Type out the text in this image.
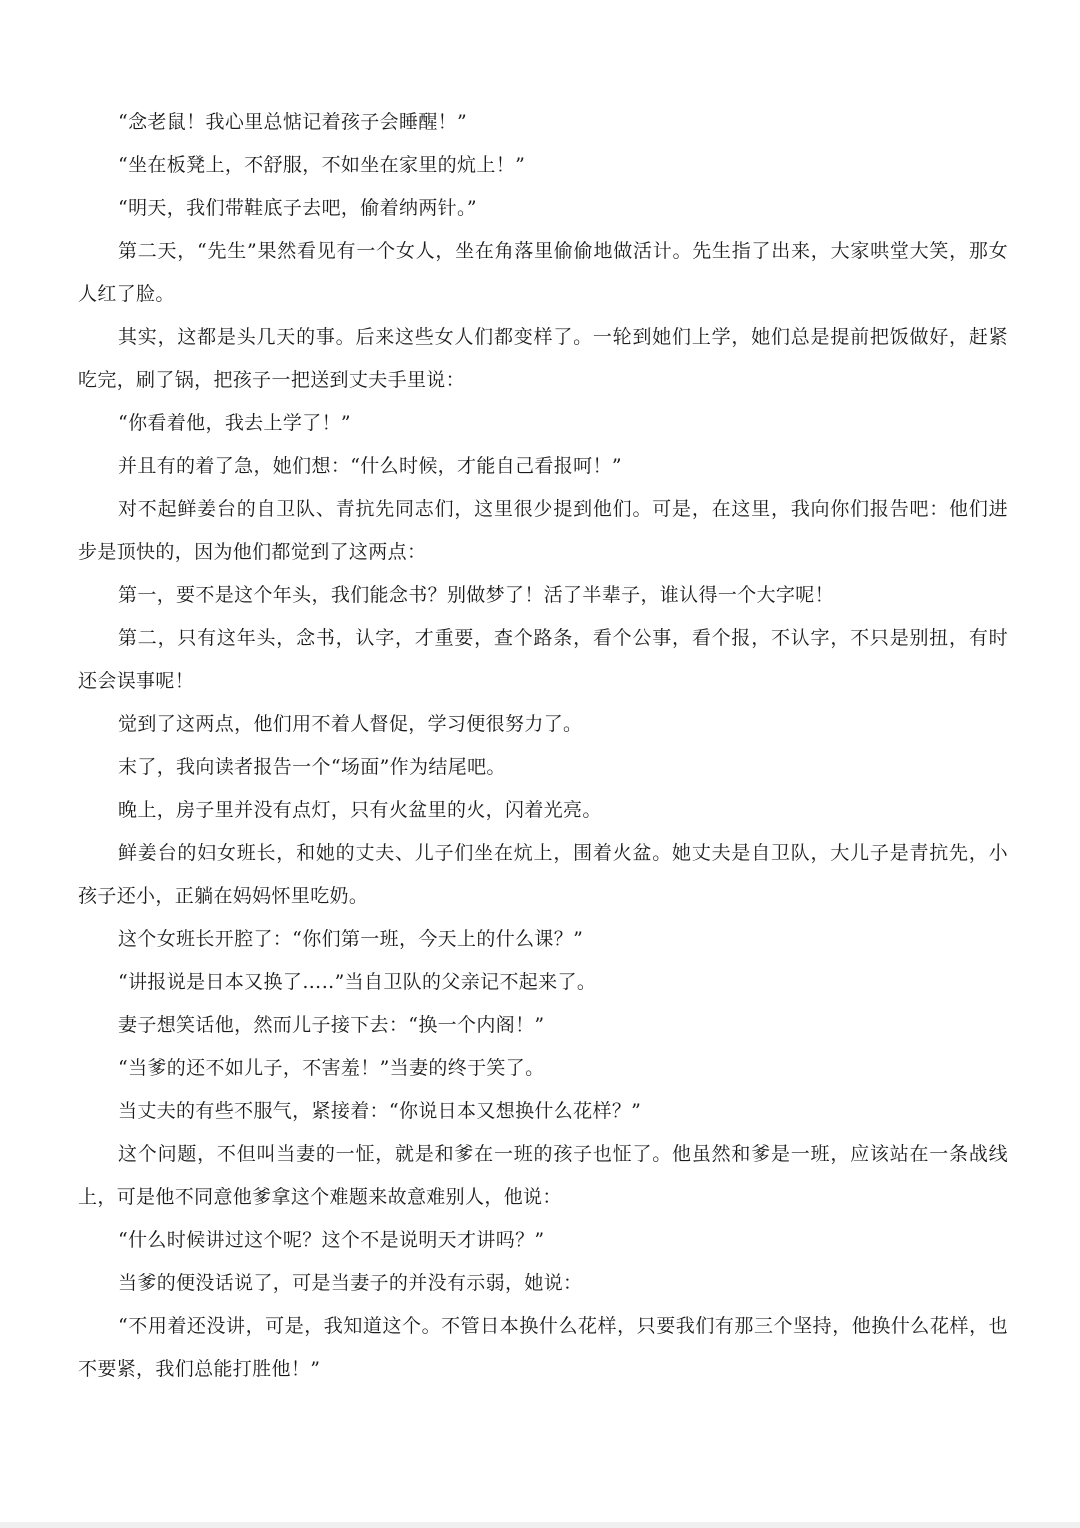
“念老鼠！我心里总惦记着孩子会睡醒！”

“坐在板凳上，不舒服，不如坐在家里的炕上！”

“明天，我们带鞋底子去吧，偷着纳两针。”

第二天，“先生”果然看见有一个女人，坐在角落里偷偷地做活计。先生指了出来，大家哄堂大笑，那女人红了脸。

其实，这都是头几天的事。后来这些女人们都变样了。一轮到她们上学，她们总是提前把饭做好，赶紧吃完，刷了锅，把孩子一把送到丈夫手里说：

“你看着他，我去上学了！”

并且有的着了急，她们想：“什么时候，才能自己看报呵！”

对不起鲜姜台的自卫队、青抗先同志们，这里很少提到他们。可是，在这里，我向你们报告吧：他们进步是顶快的，因为他们都觉到了这两点：

第一，要不是这个年头，我们能念书？别做梦了！活了半辈子，谁认得一个大字呢！

第二，只有这年头，念书，认字，才重要，查个路条，看个公事，看个报，不认字，不只是别扭，有时还会误事呢！

觉到了这两点，他们用不着人督促，学习便很努力了。

末了，我向读者报告一个“场面”作为结尾吧。

晚上，房子里并没有点灯，只有火盆里的火，闪着光亮。

鲜姜台的妇女班长，和她的丈夫、儿子们坐在炕上，围着火盆。她丈夫是自卫队，大儿子是青抗先，小孩子还小，正躺在妈妈怀里吃奶。

这个女班长开腔了：“你们第一班，今天上的什么课？”

“讲报说是日本又换了…‥”当自卫队的父亲记不起来了。

妻子想笑话他，然而儿子接下去：“换一个内阁！”

“当爹的还不如儿子，不害羞！”当妻的终于笑了。

当丈夫的有些不服气，紧接着：“你说日本又想换什么花样？”

这个问题，不但叫当妻的一怔，就是和爹在一班的孩子也怔了。他虽然和爹是一班，应该站在一条战线上，可是他不同意他爹拿这个难题来故意难别人，他说：

“什么时候讲过这个呢？这个不是说明天才讲吗？”

当爹的便没话说了，可是当妻子的并没有示弱，她说：

“不用着还没讲，可是，我知道这个。不管日本换什么花样，只要我们有那三个坚持，他换什么花样，也不要紧，我们总能打胜他！”
